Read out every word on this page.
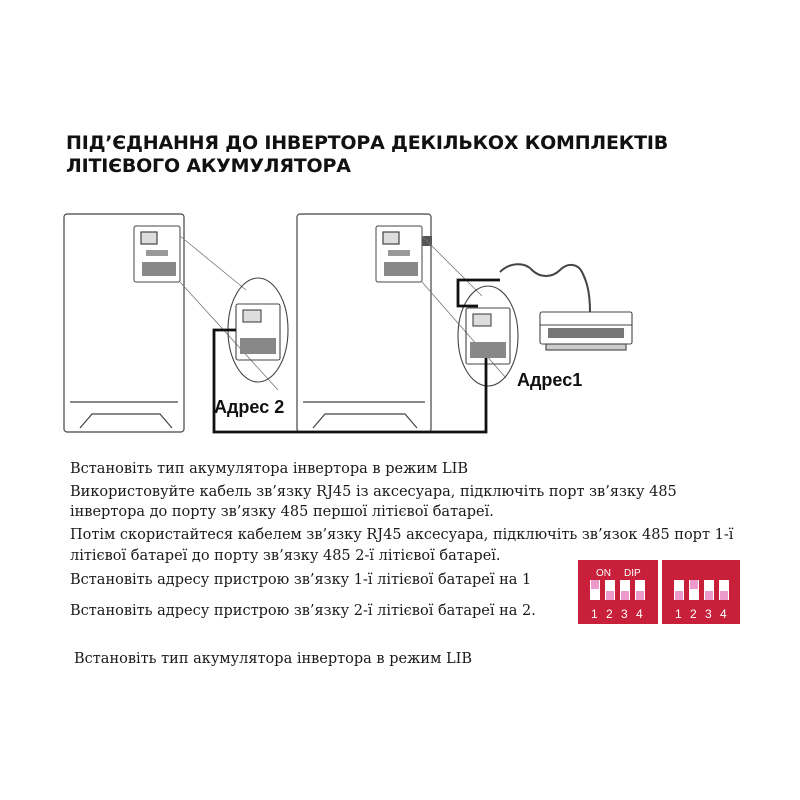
ПІД’ЄДНАННЯ ДО ІНВЕРТОРА ДЕКІЛЬКОХ КОМПЛЕКТІВ
ЛІТІЄВОГО АКУМУЛЯТОРА
Адрес 2
Адрес1
ON DIP
1 2 3 4	1 2 3 4
Встановіть тип акумулятора інвертора в режим LIB
Використовуйте кабель зв’язку RJ45 із аксесуара, підключіть порт зв’язку 485
інвертора до порту зв’язку 485 першої літієвої батареї.
Потім скористайтеся кабелем зв’язку RJ45 аксесуара, підключіть зв’язок 485 порт 1-ї
літієвої батареї до порту зв’язку 485 2-ї літієвої батареї.
Встановіть адресу пристрою зв’язку 1-ї літієвої батареї на 1
Встановіть адресу пристрою зв’язку 2-ї літієвої батареї на 2.
Встановіть тип акумулятора інвертора в режим LIB
